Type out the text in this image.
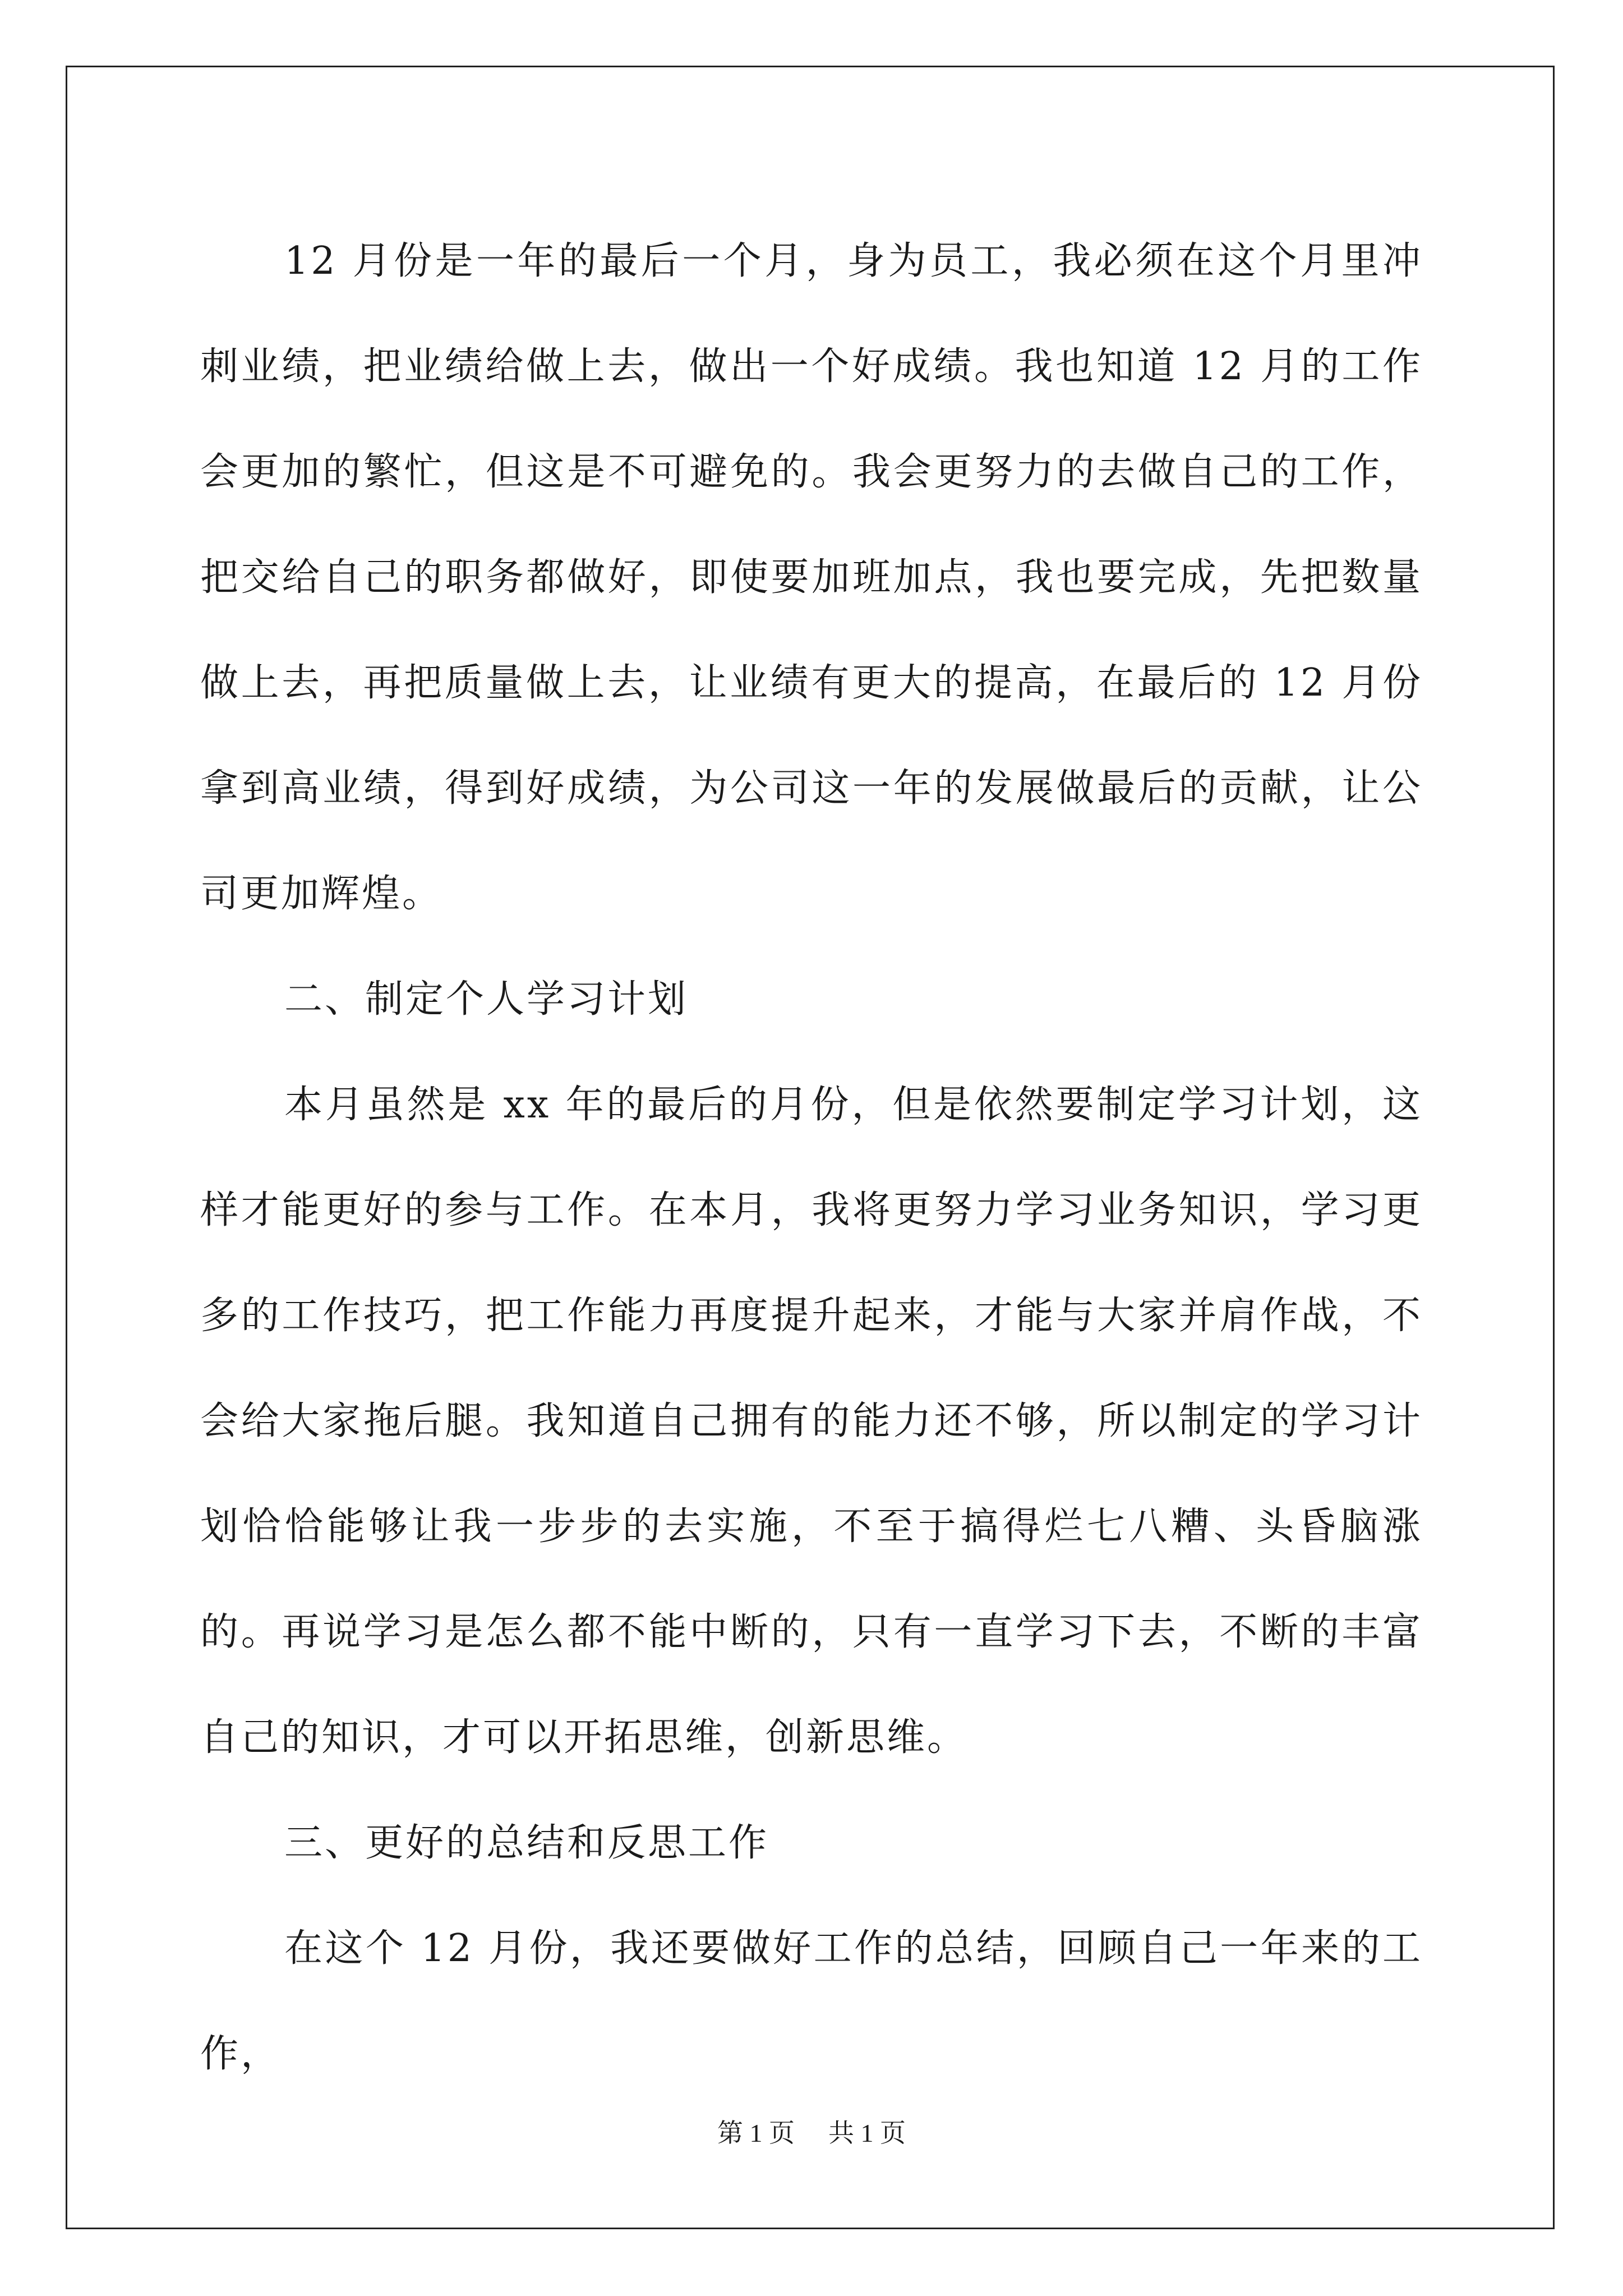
12 月份是一年的最后一个月，身为员工，我必须在这个月里冲刺业绩，把业绩给做上去，做出一个好成绩。我也知道 12 月的工作会更加的繁忙，但这是不可避免的。我会更努力的去做自己的工作，把交给自己的职务都做好，即使要加班加点，我也要完成，先把数量做上去，再把质量做上去，让业绩有更大的提高，在最后的 12 月份拿到高业绩，得到好成绩，为公司这一年的发展做最后的贡献，让公司更加辉煌。

二、制定个人学习计划

本月虽然是 xx 年的最后的月份，但是依然要制定学习计划，这样才能更好的参与工作。在本月，我将更努力学习业务知识，学习更多的工作技巧，把工作能力再度提升起来，才能与大家并肩作战，不会给大家拖后腿。我知道自己拥有的能力还不够，所以制定的学习计划恰恰能够让我一步步的去实施，不至于搞得烂七八糟、头昏脑涨的。再说学习是怎么都不能中断的，只有一直学习下去，不断的丰富自己的知识，才可以开拓思维，创新思维。

三、更好的总结和反思工作

在这个 12 月份，我还要做好工作的总结，回顾自己一年来的工作，

第 1 页 共 1 页
